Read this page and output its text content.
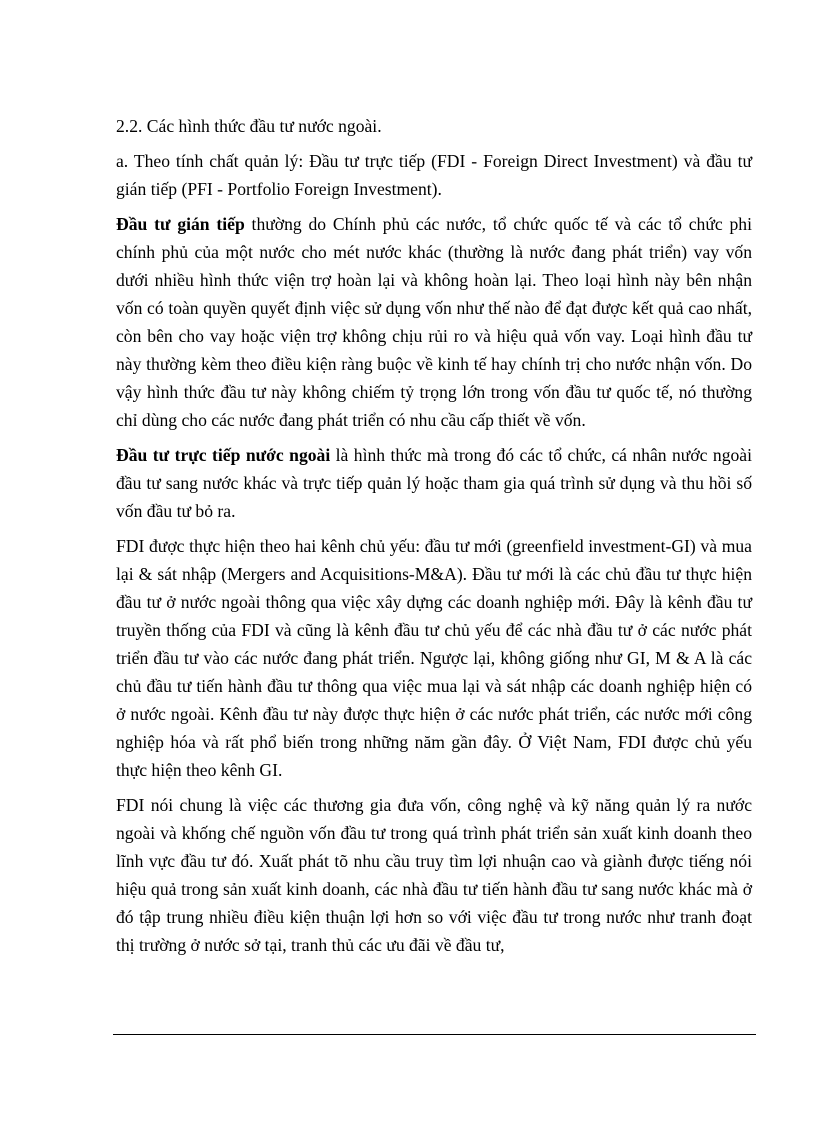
2.2. Các hình thức đầu tư nước ngoài.

a. Theo tính chất quản lý: Đầu tư trực tiếp (FDI - Foreign Direct Investment) và đầu tư gián tiếp (PFI - Portfolio Foreign Investment).

Đầu tư gián tiếp thường do Chính phủ các nước, tổ chức quốc tế và các tổ chức phi chính phủ của một nước cho mét nước khác (thường là nước đang phát triển) vay vốn dưới nhiều hình thức viện trợ hoàn lại và không hoàn lại. Theo loại hình này bên nhận vốn có toàn quyền quyết định việc sử dụng vốn như thế nào để đạt được kết quả cao nhất, còn bên cho vay hoặc viện trợ không chịu rủi ro và hiệu quả vốn vay. Loại hình đầu tư này thường kèm theo điều kiện ràng buộc về kinh tế hay chính trị cho nước nhận vốn. Do vậy hình thức đầu tư này không chiếm tỷ trọng lớn trong vốn đầu tư quốc tế, nó thường chỉ dùng cho các nước đang phát triển có nhu cầu cấp thiết về vốn.

Đầu tư trực tiếp nước ngoài là hình thức mà trong đó các tổ chức, cá nhân nước ngoài đầu tư sang nước khác và trực tiếp quản lý hoặc tham gia quá trình sử dụng và thu hồi số vốn đầu tư bỏ ra.

FDI được thực hiện theo hai kênh chủ yếu: đầu tư mới (greenfield investment-GI) và mua lại & sát nhập (Mergers and Acquisitions-M&A). Đầu tư mới là các chủ đầu tư thực hiện đầu tư ở nước ngoài thông qua việc xây dựng các doanh nghiệp mới. Đây là kênh đầu tư truyền thống của FDI và cũng là kênh đầu tư chủ yếu để các nhà đầu tư ở các nước phát triển đầu tư vào các nước đang phát triển. Ngược lại, không giống như GI, M & A là các chủ đầu tư tiến hành đầu tư thông qua việc mua lại và sát nhập các doanh nghiệp hiện có ở nước ngoài. Kênh đầu tư này được thực hiện ở các nước phát triển, các nước mới công nghiệp hóa và rất phổ biến trong những năm gần đây. Ở Việt Nam, FDI được chủ yếu thực hiện theo kênh GI.

FDI nói chung là việc các thương gia đưa vốn, công nghệ và kỹ năng quản lý ra nước ngoài và khống chế nguồn vốn đầu tư trong quá trình phát triển sản xuất kinh doanh theo lĩnh vực đầu tư đó. Xuất phát tõ nhu cầu truy tìm lợi nhuận cao và giành được tiếng nói hiệu quả trong sản xuất kinh doanh, các nhà đầu tư tiến hành đầu tư sang nước khác mà ở đó tập trung nhiều điều kiện thuận lợi hơn so với việc đầu tư trong nước như tranh đoạt thị trường ở nước sở tại, tranh thủ các ưu đãi về đầu tư,
